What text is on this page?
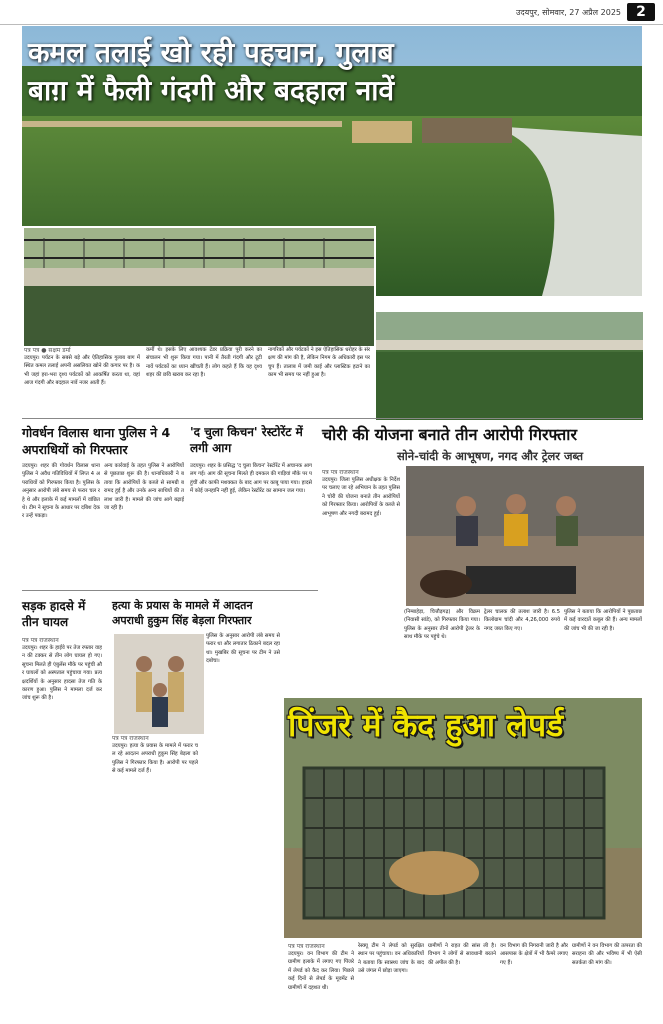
उदयपुर, सोमवार, 27 अप्रैल 2025	2
कमल तलाई खो रही पहचान, गुलाब
बाग़ में फैली गंदगी और बदहाल नावें
पत्र पत्र ● सक्षम डर्मा
उदयपुर। पर्यटन के सबसे बड़े और ऐतिहासिक गुलाब बाग में स्थित कमल तलाई अपनी असलियत खोने की कगार पर है। कभी जहां हरा-भरा दृश्य पर्यटकों को आकर्षित करता था, वहां आज गंदगी और बदहाल नावें नजर आती हैं।
कर्मी थे। इसके लिए आवश्यक टेंडर प्रक्रिया पूरी करने का संचालन भी शुरू किया गया। पानी में तैरती गंदगी और टूटी नावें पर्यटकों का ध्यान खींचती हैं। लोग कहते हैं कि यह दृश्य शहर की छवि खराब कर रहा है।
नागरिकों और पर्यटकों ने इस ऐतिहासिक धरोहर के संरक्षण की मांग की है, लेकिन निगम के अधिकारी इस पर चुप हैं। तालाब में जमी काई और प्लास्टिक हटाने का काम भी समय पर नहीं हुआ है।
गोवर्धन विलास थाना पुलिस ने 4 अपराधियों को गिरफ्तार
उदयपुर। शहर की गोवर्धन विलास थाना पुलिस ने अवैध गतिविधियों में लिप्त 4 अपराधियों को गिरफ्तार किया है। पुलिस के अनुसार आरोपी लंबे समय से फरार चल रहे थे और इलाके में कई मामलों में वांछित थे। टीम ने सूचना के आधार पर दबिश देकर उन्हें पकड़ा।
अन्य कार्रवाई के तहत पुलिस ने आरोपियों से पूछताछ शुरू की है। थानाधिकारी ने बताया कि आरोपियों के कब्जे से सामग्री बरामद हुई है और उनके अन्य साथियों की तलाश जारी है। मामले की जांच आगे बढ़ाई जा रही है।
'द चुला किचन' रेस्टोरेंट में लगी आग
उदयपुर। शहर के प्रसिद्ध 'द चुला किचन' रेस्टोरेंट में अचानक आग लग गई। आग की सूचना मिलते ही दमकल की गाड़ियां मौके पर पहुंचीं और काफी मशक्कत के बाद आग पर काबू पाया गया। हादसे में कोई जनहानि नहीं हुई, लेकिन रेस्टोरेंट का सामान जल गया।
चोरी की योजना बनाते तीन आरोपी गिरफ्तार
सोने-चांदी के आभूषण, नगद और ट्रेलर जब्त
पत्र पत्र राजस्थान
उदयपुर। जिला पुलिस अधीक्षक के निर्देश पर चलाए जा रहे अभियान के तहत पुलिस ने चोरी की योजना बनाते तीन आरोपियों को गिरफ्तार किया। आरोपियों के कब्जे से आभूषण और नगदी बरामद हुई।
(निम्बाहेड़ा, चित्तौड़गढ़) और विक्रम (निवासी सांडे), को गिरफ्तार किया गया। पुलिस के अनुसार तीनों आरोपी ट्रेलर के साथ मौके पर पहुंचे थे।
ट्रेलर चालक की तलाश जारी है। 6.5 किलोग्राम चांदी और 4,26,000 रुपये नगद जब्त किए गए।
पुलिस ने बताया कि आरोपियों ने पूछताछ में कई वारदातें कबूल की हैं। अन्य मामलों की जांच भी की जा रही है।
सड़क हादसे में तीन घायल
पत्र पत्र राजस्थान
उदयपुर। शहर के हाईवे पर तेज रफ्तार वाहन की टक्कर से तीन लोग घायल हो गए। सूचना मिलते ही एंबुलेंस मौके पर पहुंची और घायलों को अस्पताल पहुंचाया गया। प्रत्यक्षदर्शियों के अनुसार हादसा तेज गति के कारण हुआ। पुलिस ने मामला दर्ज कर जांच शुरू की है।
हत्या के प्रयास के मामले में आदतन अपराधी हुकुम सिंह बेड़ला गिरफ्तार
पत्र पत्र राजस्थान
उदयपुर। हत्या के प्रयास के मामले में फरार चल रहे आदतन अपराधी हुकुम सिंह बेड़ला को पुलिस ने गिरफ्तार किया है। आरोपी पर पहले से कई मामले दर्ज हैं।
पुलिस के अनुसार आरोपी लंबे समय से फरार था और लगातार ठिकाने बदल रहा था। मुखबिर की सूचना पर टीम ने उसे दबोचा।
पिंजरे में कैद हुआ लेपर्ड
पत्र पत्र राजस्थान
उदयपुर। वन विभाग की टीम ने ग्रामीण इलाके में लगाए गए पिंजरे में लेपर्ड को कैद कर लिया। पिछले कई दिनों से लेपर्ड के मूवमेंट से ग्रामीणों में दहशत थी।
रेस्क्यू टीम ने लेपर्ड को सुरक्षित स्थान पर पहुंचाया। वन अधिकारियों ने बताया कि स्वास्थ्य जांच के बाद उसे जंगल में छोड़ा जाएगा।
ग्रामीणों ने राहत की सांस ली है। विभाग ने लोगों से सावधानी बरतने की अपील की है।
वन विभाग की निगरानी जारी है और आसपास के क्षेत्रों में भी कैमरे लगाए गए हैं।
ग्रामीणों ने वन विभाग की तत्परता की सराहना की और भविष्य में भी ऐसी सतर्कता की मांग की।
